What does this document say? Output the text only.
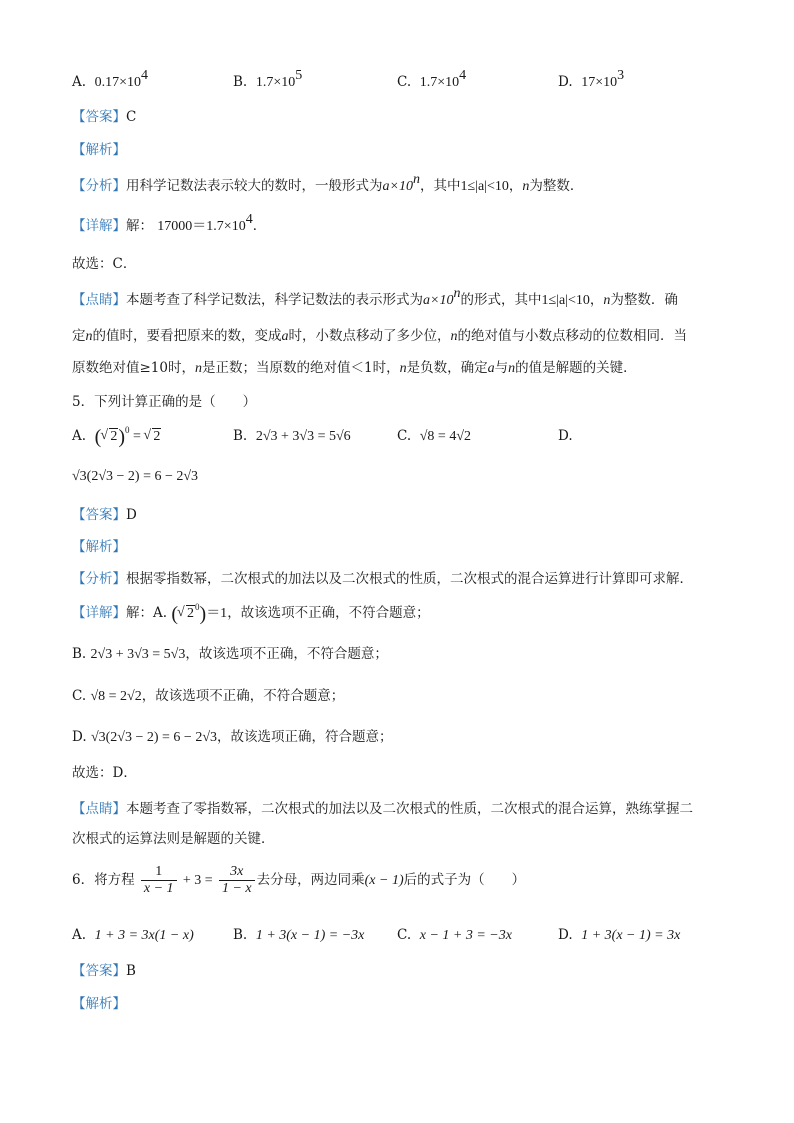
A. $0.17\times 10^4$	B. $1.7\times 10^5$	C. $1.7\times 10^4$	D. $17\times 10^3$
【答案】C
【解析】
【分析】用科学记数法表示较大的数时，一般形式为$a\times 10^n$，其中1≤|a|<10，n为整数．
【详解】解： $17000=1.7\times 10^4$．
故选：C．
【点睛】本题考查了科学记数法，科学记数法的表示形式为$a\times 10^n$的形式，其中1≤|a|<10，n为整数．确
定n的值时，要看把原来的数，变成a时，小数点移动了多少位，n的绝对值与小数点移动的位数相同．当
原数绝对值≥10时，n是正数；当原数的绝对值＜1时，n是负数，确定a与n的值是解题的关键．
5．下列计算正确的是（　　）
A. ( √ 2)$^0$ = √ 2	B. 2√3 + 3√3 = 5√6	C. √8 = 4√2	D.
√3(2√3 − 2) = 6 − 2√3
【答案】D
【解析】
【分析】根据零指数幂，二次根式的加法以及二次根式的性质，二次根式的混合运算进行计算即可求解．
【详解】解：A. ( √ $2^0)=1$，故该选项不正确，不符合题意；
B. 2√3 + 3√3 = 5√3，故该选项不正确，不符合题意；
C. √8 = 2√2，故该选项不正确，不符合题意；
D. √3(2√3 − 2) = 6 − 2√3，故该选项正确，符合题意；
故选：D．
【点睛】本题考查了零指数幂，二次根式的加法以及二次根式的性质，二次根式的混合运算，熟练掌握二
次根式的运算法则是解题的关键．
6．将方程 $\frac{1}{x - 1} + 3 = \frac{3x}{1 - x}$ 去分母，两边同乘(x − 1)后的式子为（　　）
A. 1 + 3 = 3x(1 − x)	B. 1 + 3(x − 1) = −3x C. x − 1 + 3 = −3x	D. 1 + 3(x − 1) = 3x
【答案】B
【解析】
